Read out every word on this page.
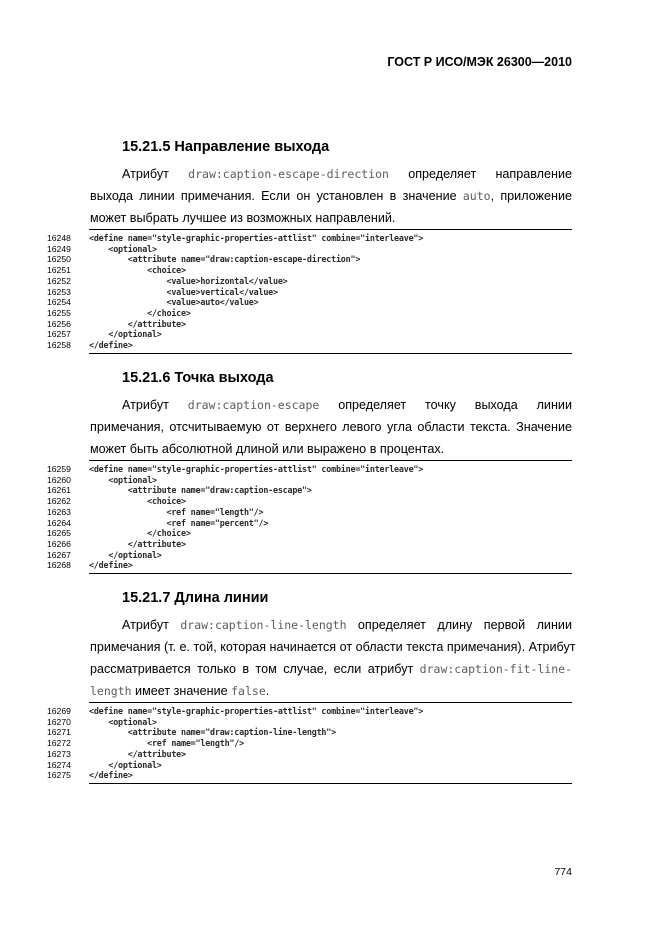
ГОСТ Р ИСО/МЭК 26300—2010
15.21.5 Направление выхода
Атрибут draw:caption-escape-direction определяет направление
выхода линии примечания. Если он установлен в значение auto, приложение
может выбрать лучшее из возможных направлений.
16248	<define name="style-graphic-properties-attlist" combine="interleave">
16249	<optional>
16250	<attribute name="draw:caption-escape-direction">
16251	<choice>
16252	<value>horizontal</value>
16253	<value>vertical</value>
16254	<value>auto</value>
16255	</choice>
16256	</attribute>
16257	</optional>
16258	</define>
15.21.6 Точка выхода
Атрибут draw:caption-escape определяет точку выхода линии
примечания, отсчитываемую от верхнего левого угла области текста. Значение
может быть абсолютной длиной или выражено в процентах.
16259	<define name="style-graphic-properties-attlist" combine="interleave">
16260	<optional>
16261	<attribute name="draw:caption-escape">
16262	<choice>
16263	<ref name="length"/>
16264	<ref name="percent"/>
16265	</choice>
16266	</attribute>
16267	</optional>
16268	</define>
15.21.7 Длина линии
Атрибут draw:caption-line-length определяет длину первой линии
примечания (т. е. той, которая начинается от области текста примечания). Атрибут
рассматривается только в том случае, если атрибут draw:caption-fit-line-
length имеет значение false.
16269	<define name="style-graphic-properties-attlist" combine="interleave">
16270	<optional>
16271	<attribute name="draw:caption-line-length">
16272	<ref name="length"/>
16273	</attribute>
16274	</optional>
16275	</define>
774
